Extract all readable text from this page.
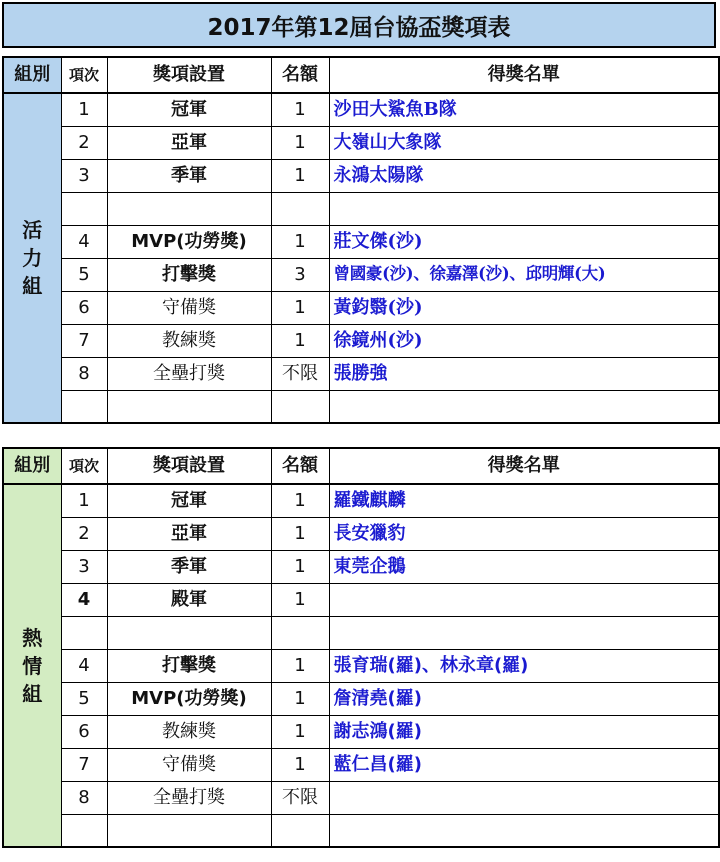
2017年第12屆台協盃獎項表
組別	項次	獎項設置	名額	得獎名單
活
力
組	1	冠軍	1	沙田大鯊魚B隊
	2	亞軍	1	大嶺山大象隊
	3	季軍	1	永鴻太陽隊

	4	MVP(功勞獎)	1	莊文傑(沙)
	5	打擊獎	3	曾國豪(沙)、徐嘉澤(沙)、邱明輝(大)
	6	守備獎	1	黃鈞翳(沙)
	7	教練獎	1	徐鏡州(沙)
	8	全壘打獎	不限	張勝強

組別	項次	獎項設置	名額	得獎名單
熱
情
組	1	冠軍	1	羅鐵麒麟
	2	亞軍	1	長安獵豹
	3	季軍	1	東莞企鵝
	4	殿軍	1	

	4	打擊獎	1	張育瑞(羅)、林永章(羅)
	5	MVP(功勞獎)	1	詹清堯(羅)
	6	教練獎	1	謝志鴻(羅)
	7	守備獎	1	藍仁昌(羅)
	8	全壘打獎	不限	
